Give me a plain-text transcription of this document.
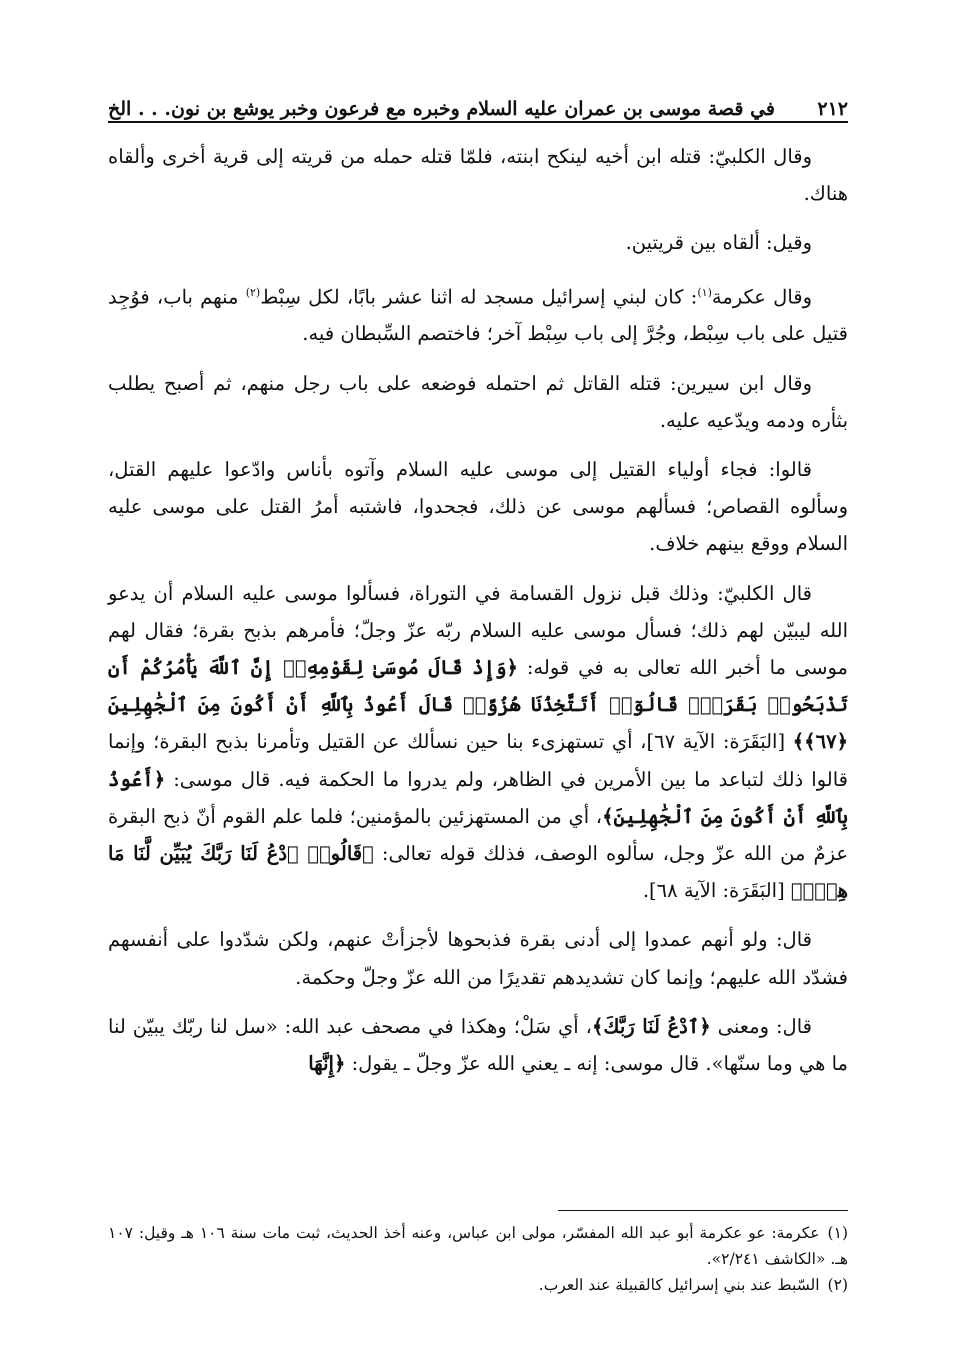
٢١٢
في قصة موسى بن عمران عليه السلام وخبره مع فرعون وخبر يوشع بن نون. . . الخ

وقال الكلبيّ: قتله ابن أخيه لينكح ابنته، فلمّا قتله حمله من قريته إلى قرية أخرى وألقاه هناك.

وقيل: ألقاه بين قريتين.

وقال عكرمة$^{(١)}$: كان لبني إسرائيل مسجد له اثنا عشر بابًا، لكل سِبْط$^{(٢)}$ منهم باب، فوُجِد قتيل على باب سِبْط، وجُرَّ إلى باب سِبْط آخر؛ فاختصم السِّبطان فيه.

وقال ابن سيرين: قتله القاتل ثم احتمله فوضعه على باب رجل منهم، ثم أصبح يطلب بثأره ودمه ويدّعيه عليه.

قالوا: فجاء أولياء القتيل إلى موسى عليه السلام وآتوه بأناس وادّعوا عليهم القتل، وسألوه القصاص؛ فسألهم موسى عن ذلك، فجحدوا، فاشتبه أمرُ القتل على موسى عليه السلام ووقع بينهم خلاف.

قال الكلبيّ: وذلك قبل نزول القسامة في التوراة، فسألوا موسى عليه السلام أن يدعو الله ليبيّن لهم ذلك؛ فسأل موسى عليه السلام ربّه عزّ وجلّ؛ فأمرهم بذبح بقرة؛ فقال لهم موسى ما أخبر الله تعالى به في قوله: ﴿وَإِذْ قَالَ مُوسَىٰ لِقَوْمِهِۦٓ إِنَّ ٱللَّهَ يَأْمُرُكُمْ أَن تَذْبَحُوا۟ بَقَرَةًۖ قَالُوٓا۟ أَتَتَّخِذُنَا هُزُوًاۖ قَالَ أَعُوذُ بِٱللَّهِ أَنْ أَكُونَ مِنَ ٱلْجَٰهِلِينَ ﴿٦٧﴾﴾ [البَقَرَة: الآية ٦٧]، أي تستهزىء بنا حين نسألك عن القتيل وتأمرنا بذبح البقرة؛ وإنما قالوا ذلك لتباعد ما بين الأمرين في الظاهر، ولم يدروا ما الحكمة فيه. قال موسى: ﴿أَعُوذُ بِٱللَّهِ أَنْ أَكُونَ مِنَ ٱلْجَٰهِلِينَ﴾، أي من المستهزئين بالمؤمنين؛ فلما علم القوم أنّ ذبح البقرة عزمٌ من الله عزّ وجل، سألوه الوصف، فذلك قوله تعالى: ﴿قَالُوا۟ ٱدْعُ لَنَا رَبَّكَ يُبَيِّن لَّنَا مَا هِىَۚ﴾ [البَقَرَة: الآية ٦٨].

قال: ولو أنهم عمدوا إلى أدنى بقرة فذبحوها لأجزأتْ عنهم، ولكن شدّدوا على أنفسهم فشدّد الله عليهم؛ وإنما كان تشديدهم تقديرًا من الله عزّ وجلّ وحكمة.

قال: ومعنى ﴿ٱدْعُ لَنَا رَبَّكَ﴾، أي سَلْ؛ وهكذا في مصحف عبد الله: «سل لنا ربّك يبيّن لنا ما هي وما سنّها». قال موسى: إنه ـ يعني الله عزّ وجلّ ـ يقول: ﴿إِنَّهَا

(١)عكرمة: عو عكرمة أبو عبد الله المفسّر، مولى ابن عباس، وعنه أخذ الحديث، ثبت مات سنة ١٠٦ هـ وقيل: ١٠٧ هـ. «الكاشف ٢/٢٤١».

(٢)السّبط عند بني إسرائيل كالقبيلة عند العرب.
